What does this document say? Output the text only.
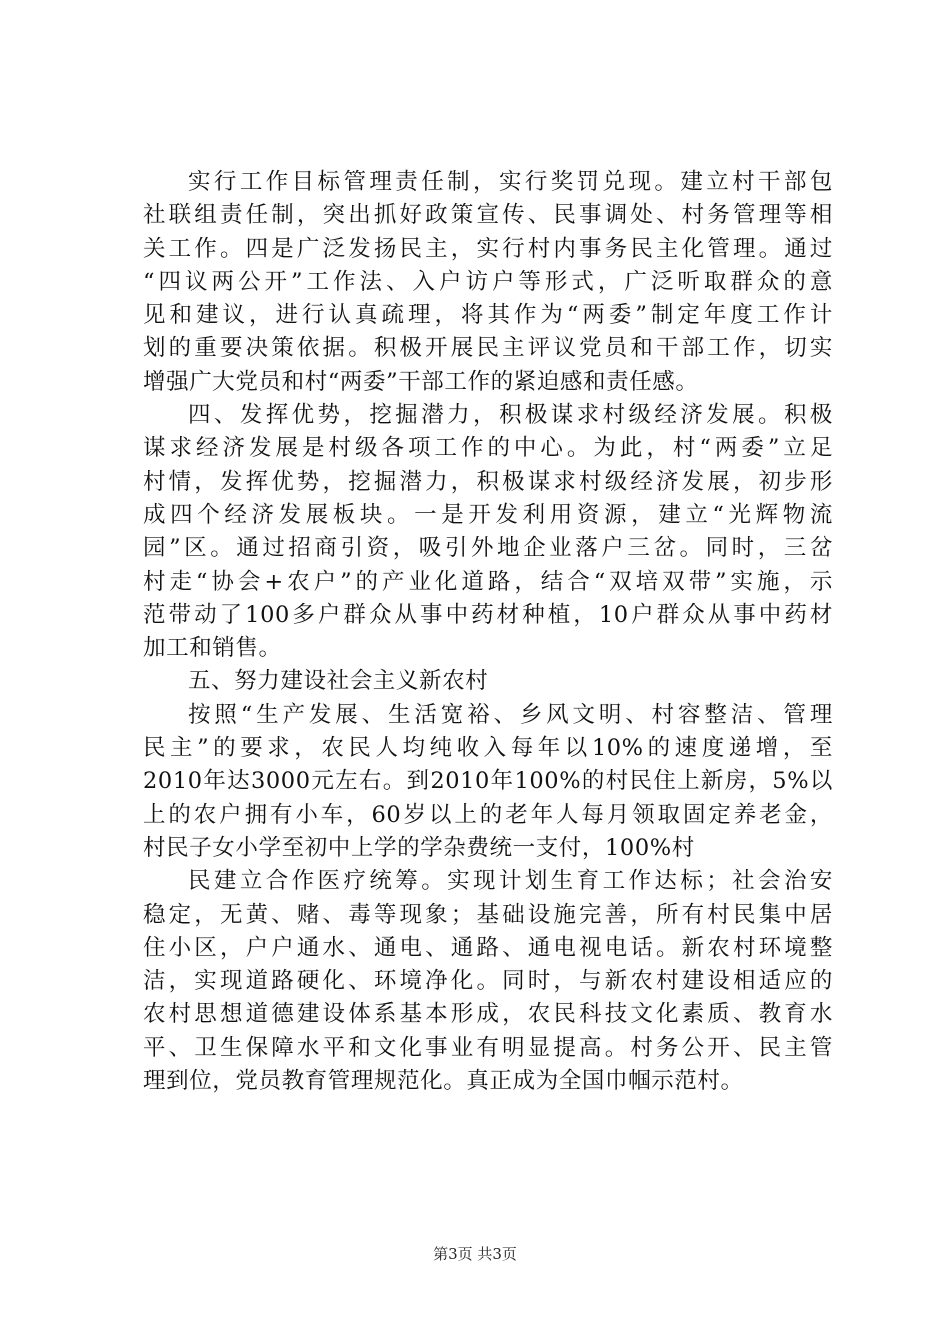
实行工作目标管理责任制，实行奖罚兑现。建立村干部包
社联组责任制，突出抓好政策宣传、民事调处、村务管理等相
关工作。四是广泛发扬民主，实行村内事务民主化管理。通过
“四议两公开”工作法、入户访户等形式，广泛听取群众的意
见和建议，进行认真疏理，将其作为“两委”制定年度工作计
划的重要决策依据。积极开展民主评议党员和干部工作，切实
增强广大党员和村“两委”干部工作的紧迫感和责任感。
四、发挥优势，挖掘潜力，积极谋求村级经济发展。积极
谋求经济发展是村级各项工作的中心。为此，村“两委”立足
村情，发挥优势，挖掘潜力，积极谋求村级经济发展，初步形
成四个经济发展板块。一是开发利用资源，建立“光辉物流
园”区。通过招商引资，吸引外地企业落户三岔。同时，三岔
村走“协会+农户”的产业化道路，结合“双培双带”实施，示
范带动了100多户群众从事中药材种植，10户群众从事中药材
加工和销售。
五、努力建设社会主义新农村
按照“生产发展、生活宽裕、乡风文明、村容整洁、管理
民主”的要求，农民人均纯收入每年以10%的速度递增，至
2010年达3000元左右。到2010年100%的村民住上新房，5%以
上的农户拥有小车，60岁以上的老年人每月领取固定养老金，
村民子女小学至初中上学的学杂费统一支付，100%村
民建立合作医疗统筹。实现计划生育工作达标；社会治安
稳定，无黄、赌、毒等现象；基础设施完善，所有村民集中居
住小区，户户通水、通电、通路、通电视电话。新农村环境整
洁，实现道路硬化、环境净化。同时，与新农村建设相适应的
农村思想道德建设体系基本形成，农民科技文化素质、教育水
平、卫生保障水平和文化事业有明显提高。村务公开、民主管
理到位，党员教育管理规范化。真正成为全国巾帼示范村。
第3页 共3页
